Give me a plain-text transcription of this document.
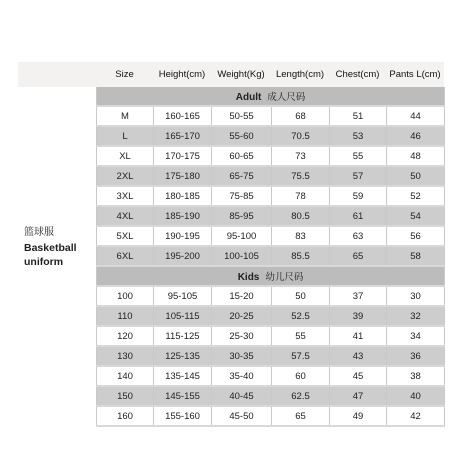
Size	Height(cm)	Weight(Kg)	Length(cm)	Chest(cm)	Pants L(cm)
篮球服
Basketball
uniform
Adult 成人尺码					
M	160-165	50-55	68	51	44
L	165-170	55-60	70.5	53	46
XL	170-175	60-65	73	55	48
2XL	175-180	65-75	75.5	57	50
3XL	180-185	75-85	78	59	52
4XL	185-190	85-95	80.5	61	54
5XL	190-195	95-100	83	63	56
6XL	195-200	100-105	85.5	65	58
Kids 幼儿尺码					
100	95-105	15-20	50	37	30
110	105-115	20-25	52.5	39	32
120	115-125	25-30	55	41	34
130	125-135	30-35	57.5	43	36
140	135-145	35-40	60	45	38
150	145-155	40-45	62.5	47	40
160	155-160	45-50	65	49	42
